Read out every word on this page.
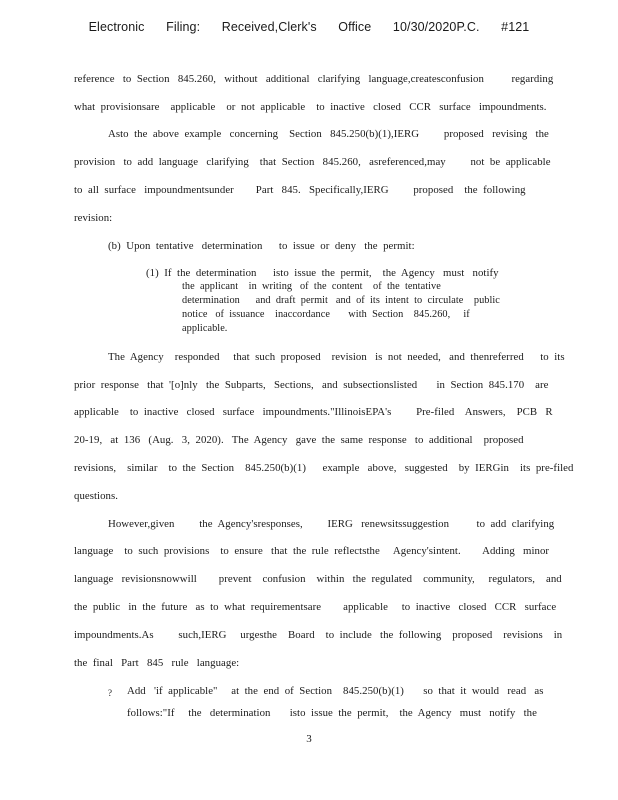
Electronic Filing: Received,Clerk's Office 10/30/2020P.C. #121
reference   to  Section   845.260,   without   additional   clarifying   language,createsconfusion          regarding
what  provisionsare    applicable    or  not  applicable    to  inactive   closed   CCR   surface   impoundments.
Asto  the  above  example   concerning    Section   845.250(b)(1),IERG         proposed   revising   the
provision   to  add  language   clarifying    that  Section   845.260,   asreferenced,may         not  be  applicable
to  all  surface   impoundmentsunder        Part   845.   Specifically,IERG         proposed    the  following
revision:
(b)  Upon  tentative   determination      to  issue  or  deny   the  permit:
(1)  If  the  determination      isto  issue  the  permit,    the  Agency   must   notify
the  applicant    in  writing   of  the  content    of  the  tentative
determination      and  draft  permit   and  of  its  intent  to  circulate    public
notice   of  issuance    inaccordance       with  Section    845.260,     if
applicable.
The  Agency    responded     that  such  proposed    revision   is  not  needed,   and  thenreferred      to  its
prior  response   that  '[o]nly   the  Subparts,   Sections,   and  subsectionslisted       in  Section  845.170    are
applicable    to  inactive   closed   surface   impoundments."IllinoisEPA's         Pre-filed    Answers,    PCB   R
20-19,   at  136   (Aug.   3,  2020).   The  Agency   gave  the  same  response   to  additional    proposed
revisions,    similar    to  the  Section    845.250(b)(1)      example   above,   suggested    by  IERGin    its  pre-filed
questions.
However,given         the  Agency'sresponses,         IERG   renewsitssuggestion          to  add  clarifying
language    to  such  provisions    to  ensure   that  the  rule  reflectsthe     Agency'sintent.        Adding   minor
language   revisionsnowwill        prevent    confusion    within   the  regulated    community,     regulators,    and
the  public   in  the  future   as  to  what  requirementsare        applicable     to  inactive   closed   CCR   surface
impoundments.As         such,IERG     urgesthe    Board    to  include   the  following    proposed    revisions    in
the  final   Part   845   rule   language:
? Add   'if  applicable"     at  the  end  of  Section    845.250(b)(1)       so  that  it  would   read   as
follows:"If     the   determination       isto  issue  the  permit,    the  Agency   must   notify   the
3
